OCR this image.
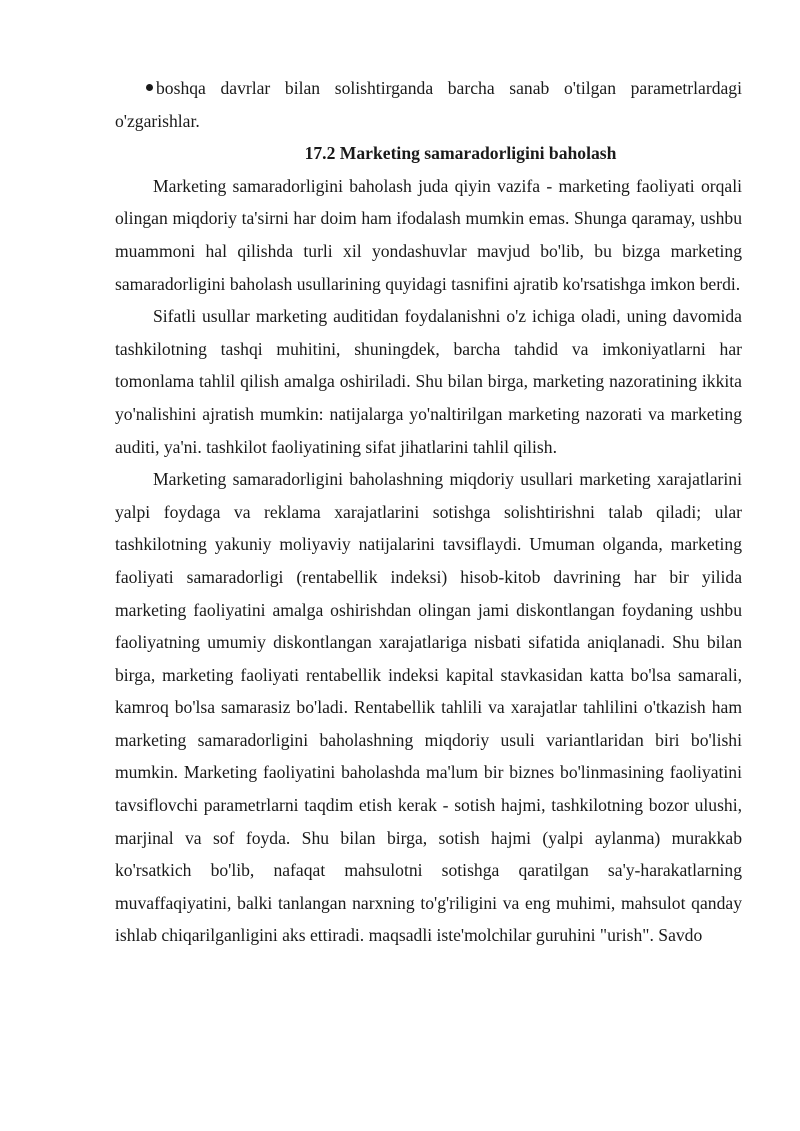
boshqa davrlar bilan solishtirganda barcha sanab o'tilgan parametrlardagi o'zgarishlar.

17.2 Marketing samaradorligini baholash

Marketing samaradorligini baholash juda qiyin vazifa - marketing faoliyati orqali olingan miqdoriy ta'sirni har doim ham ifodalash mumkin emas. Shunga qaramay, ushbu muammoni hal qilishda turli xil yondashuvlar mavjud bo'lib, bu bizga marketing samaradorligini baholash usullarining quyidagi tasnifini ajratib ko'rsatishga imkon berdi.

Sifatli usullar marketing auditidan foydalanishni o'z ichiga oladi, uning davomida tashkilotning tashqi muhitini, shuningdek, barcha tahdid va imkoniyatlarni har tomonlama tahlil qilish amalga oshiriladi. Shu bilan birga, marketing nazoratining ikkita yo'nalishini ajratish mumkin: natijalarga yo'naltirilgan marketing nazorati va marketing auditi, ya'ni. tashkilot faoliyatining sifat jihatlarini tahlil qilish.

Marketing samaradorligini baholashning miqdoriy usullari marketing xarajatlarini yalpi foydaga va reklama xarajatlarini sotishga solishtirishni talab qiladi; ular tashkilotning yakuniy moliyaviy natijalarini tavsiflaydi. Umuman olganda, marketing faoliyati samaradorligi (rentabellik indeksi) hisob-kitob davrining har bir yilida marketing faoliyatini amalga oshirishdan olingan jami diskontlangan foydaning ushbu faoliyatning umumiy diskontlangan xarajatlariga nisbati sifatida aniqlanadi. Shu bilan birga, marketing faoliyati rentabellik indeksi kapital stavkasidan katta bo'lsa samarali, kamroq bo'lsa samarasiz bo'ladi. Rentabellik tahlili va xarajatlar tahlilini o'tkazish ham marketing samaradorligini baholashning miqdoriy usuli variantlaridan biri bo'lishi mumkin. Marketing faoliyatini baholashda ma'lum bir biznes bo'linmasining faoliyatini tavsiflovchi parametrlarni taqdim etish kerak - sotish hajmi, tashkilotning bozor ulushi, marjinal va sof foyda. Shu bilan birga, sotish hajmi (yalpi aylanma) murakkab ko'rsatkich bo'lib, nafaqat mahsulotni sotishga qaratilgan sa'y-harakatlarning muvaffaqiyatini, balki tanlangan narxning to'g'riligini va eng muhimi, mahsulot qanday ishlab chiqarilganligini aks ettiradi. maqsadli iste'molchilar guruhini "urish". Savdo
